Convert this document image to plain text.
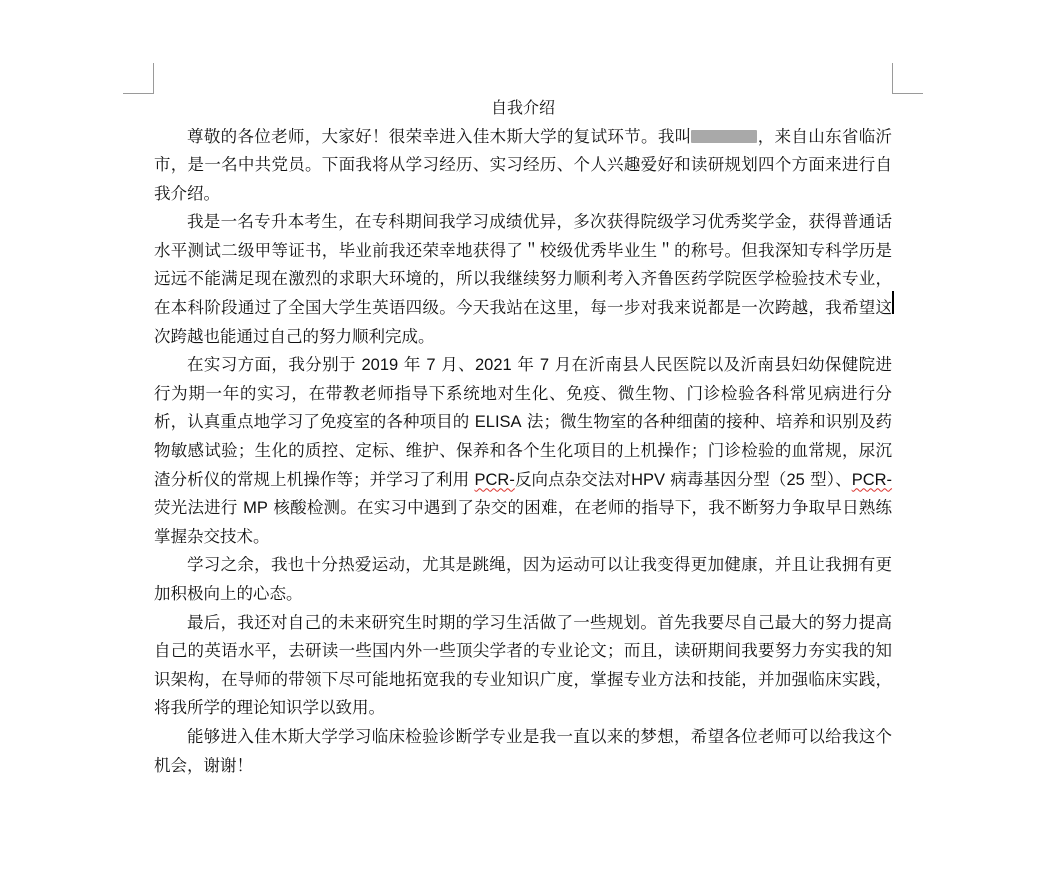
自我介绍

尊敬的各位老师，大家好！很荣幸进入佳木斯大学的复试环节。我叫	，来自山东省临沂市，是一名中共党员。下面我将从学习经历、实习经历、个人兴趣爱好和读研规划四个方面来进行自我介绍。

我是一名专升本考生，在专科期间我学习成绩优异，多次获得院级学习优秀奖学金，获得普通话水平测试二级甲等证书，毕业前我还荣幸地获得了＂校级优秀毕业生＂的称号。但我深知专科学历是远远不能满足现在激烈的求职大环境的，所以我继续努力顺利考入齐鲁医药学院医学检验技术专业，在本科阶段通过了全国大学生英语四级。今天我站在这里，每一步对我来说都是一次跨越，我希望这次跨越也能通过自己的努力顺利完成。

在实习方面，我分别于 2019 年 7 月、2021 年 7 月在沂南县人民医院以及沂南县妇幼保健院进行为期一年的实习，在带教老师指导下系统地对生化、免疫、微生物、门诊检验各科常见病进行分析，认真重点地学习了免疫室的各种项目的 ELISA 法；微生物室的各种细菌的接种、培养和识别及药物敏感试验；生化的质控、定标、维护、保养和各个生化项目的上机操作；门诊检验的血常规，尿沉渣分析仪的常规上机操作等；并学习了利用 PCR-反向点杂交法对HPV 病毒基因分型（25 型）、PCR-荧光法进行 MP 核酸检测。在实习中遇到了杂交的困难，在老师的指导下，我不断努力争取早日熟练掌握杂交技术。

学习之余，我也十分热爱运动，尤其是跳绳，因为运动可以让我变得更加健康，并且让我拥有更加积极向上的心态。

最后，我还对自己的未来研究生时期的学习生活做了一些规划。首先我要尽自己最大的努力提高自己的英语水平，去研读一些国内外一些顶尖学者的专业论文；而且，读研期间我要努力夯实我的知识架构，在导师的带领下尽可能地拓宽我的专业知识广度，掌握专业方法和技能，并加强临床实践，将我所学的理论知识学以致用。

能够进入佳木斯大学学习临床检验诊断学专业是我一直以来的梦想，希望各位老师可以给我这个机会，谢谢！
